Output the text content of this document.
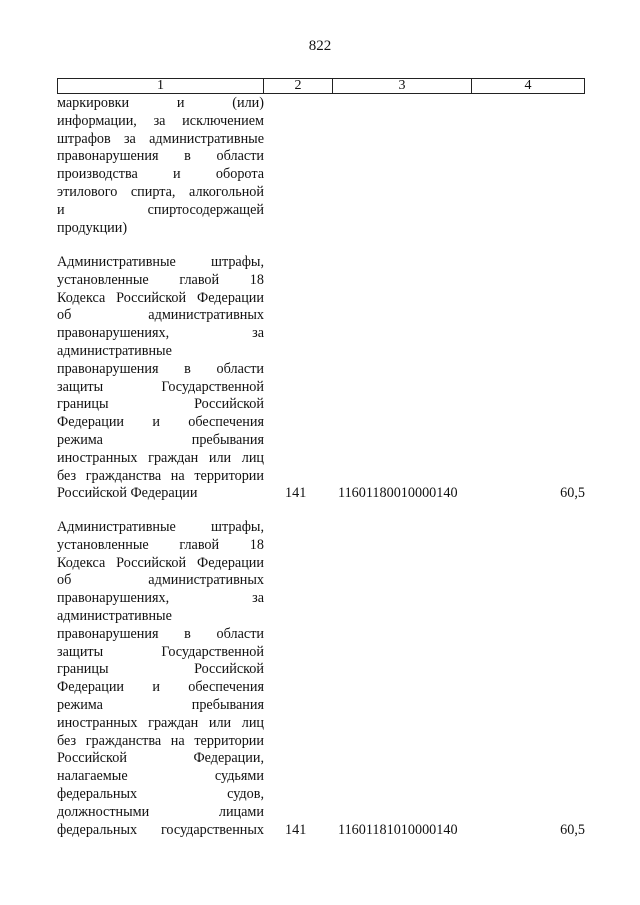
822
1	2	3	4
маркировки и (или)
информации, за исключением
штрафов за административные
правонарушения в области
производства и оборота
этилового спирта, алкогольной
и спиртосодержащей
продукции)
Административные штрафы,
установленные главой 18
Кодекса Российской Федерации
об административных
правонарушениях, за
административные
правонарушения в области
защиты Государственной
границы Российской
Федерации и обеспечения
режима пребывания
иностранных граждан или лиц
без гражданства на территории
Российской Федерации	141 11601180010000140	60,5
Административные штрафы,
установленные главой 18
Кодекса Российской Федерации
об административных
правонарушениях, за
административные
правонарушения в области
защиты Государственной
границы Российской
Федерации и обеспечения
режима пребывания
иностранных граждан или лиц
без гражданства на территории
Российской Федерации,
налагаемые судьями
федеральных судов,
должностными лицами
федеральных государственных 141 11601181010000140	60,5
